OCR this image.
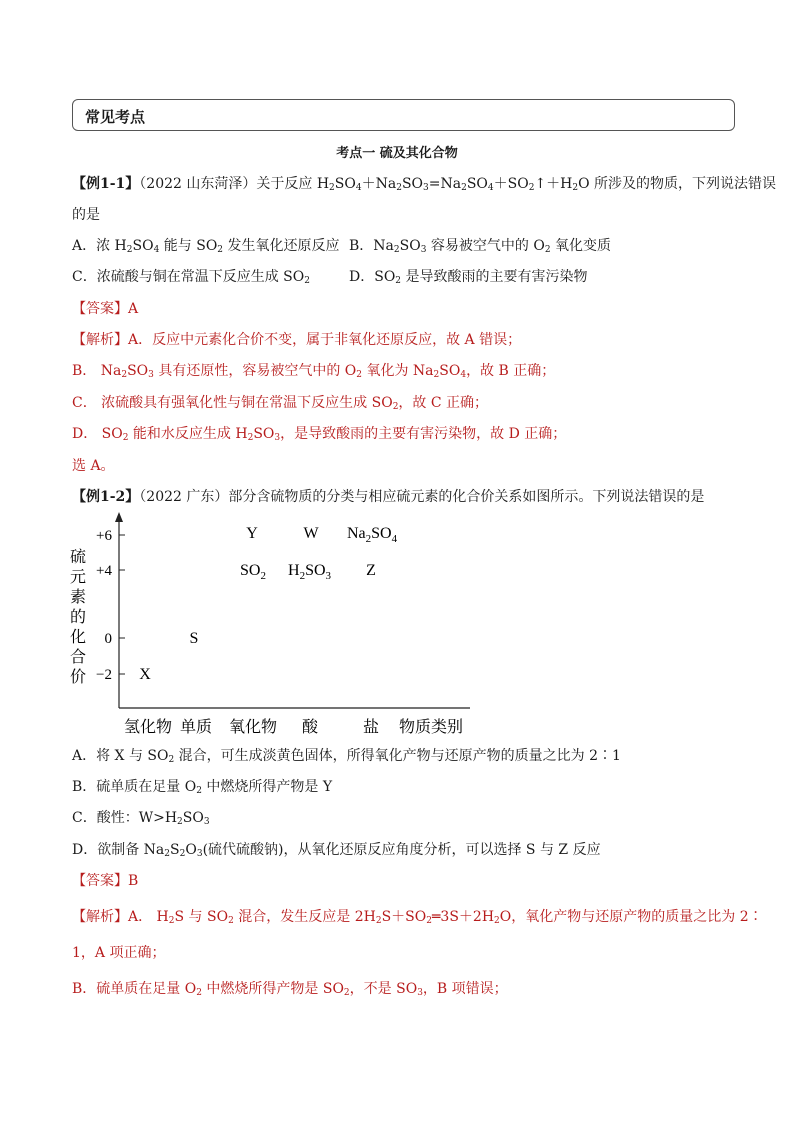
常见考点
考点一 硫及其化合物
【例1-1】（2022 山东菏泽）关于反应 $H_2SO_4+Na_2SO_3=Na_2SO_4+SO_2↑+H_2O$ 所涉及的物质，下列说法错误
的是
A．浓 $H_2SO_4$ 能与 $SO_2$ 发生氧化还原反应 B．$Na_2SO_3$ 容易被空气中的 $O_2$ 氧化变质
C．浓硫酸与铜在常温下反应生成 $SO_2$	D．$SO_2$ 是导致酸雨的主要有害污染物
【答案】A
【解析】A．反应中元素化合价不变，属于非氧化还原反应，故 A 错误；
B． $Na_2SO_3$ 具有还原性，容易被空气中的 $O_2$ 氧化为 $Na_2SO_4$，故 B 正确；
C． 浓硫酸具有强氧化性与铜在常温下反应生成 $SO_2$，故 C 正确；
D． $SO_2$ 能和水反应生成 $H_2SO_3$，是导致酸雨的主要有害污染物，故 D 正确；
选 A。
【例1-2】（2022 广东）部分含硫物质的分类与相应硫元素的化合价关系如图所示。下列说法错误的是
+6
+4
0
−2
硫
元
素
的
化
合
价
氢化物 单质 氧化物 酸	盐 物质类别
Y	W $Na_2SO_4$
$SO_2$ $H_2SO_3$ Z
S
X
A．将 X 与 $SO_2$ 混合，可生成淡黄色固体，所得氧化产物与还原产物的质量之比为 2∶1
B．硫单质在足量 $O_2$ 中燃烧所得产物是 Y
C．酸性：$W>H_2SO_3$
D．欲制备 $Na_2S_2O_3$(硫代硫酸钠)，从氧化还原反应角度分析，可以选择 S 与 Z 反应
【答案】B
【解析】A． $H_2S$ 与 $SO_2$ 混合，发生反应是 $2H_2S+SO_2═3S+2H_2O$，氧化产物与还原产物的质量之比为 2∶
1，A 项正确；
B．硫单质在足量 $O_2$ 中燃烧所得产物是 $SO_2$，不是 $SO_3$，B 项错误；
